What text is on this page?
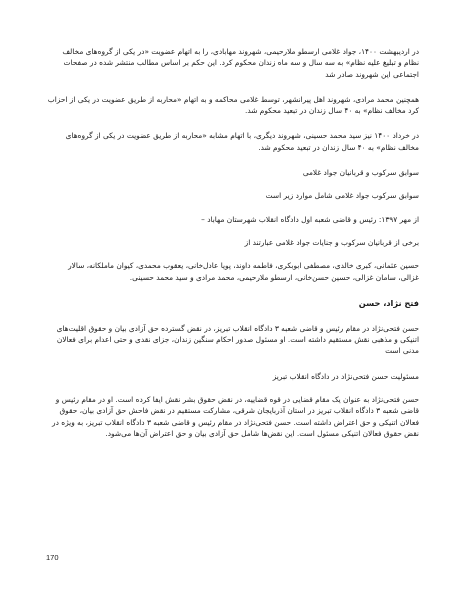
در اردیبهشت ۱۴۰۰، جواد غلامی ارسطو ملارحیمی، شهروند مهابادی، را به اتهام عضویت «در یکی از گروه‌های مخالف نظام و تبلیغ علیه نظام» به سه سال و سه ماه زندان محکوم کرد. این حکم بر اساس مطالب منتشر شده در صفحات اجتماعی این شهروند صادر شد

همچنین محمد مرادی، شهروند اهل پیرانشهر، توسط غلامی محاکمه و به اتهام «محاربه از طریق عضویت در یکی از احزاب کرد مخالف نظام» به ۴۰ سال زندان در تبعید محکوم شد.

در خرداد ۱۴۰۰ نیز سید محمد حسینی، شهروند دیگری، با اتهام مشابه «محاربه از طریق عضویت در یکی از گروه‌های مخالف نظام» به ۴۰ سال زندان در تبعید محکوم شد.

سوابق سرکوب و قربانیان جواد غلامی

سوابق سرکوب جواد غلامی شامل موارد زیر است

از مهر ۱۳۹۷: رئیس و قاضی شعبه اول دادگاه انقلاب شهرستان مهاباد –

برخی از قربانیان سرکوب و جنایات جواد غلامی عبارتند از

حسین عثمانی، کبری خالدی، مصطفی ابوبکری، فاطمه داوند، پویا عادل‌خانی، یعقوب محمدی، کیوان ماملکانه، سالار غزالی، سامان غزالی، حسین حسن‌خانی، ارسطو ملارحیمی، محمد مرادی و سید محمد حسینی.

فتح نژاد، حسن

حسن فتحی‌نژاد در مقام رئیس و قاضی شعبه ۳ دادگاه انقلاب تبریز، در نقض گسترده حق آزادی بیان و حقوق اقلیت‌های اتنیکی و مذهبی نقش مستقیم داشته است. او مسئول صدور احکام سنگین زندان، جزای نقدی و حتی اعدام برای فعالان مدنی است

مسئولیت حسن فتحی‌نژاد در دادگاه انقلاب تبریز

حسن فتحی‌نژاد به عنوان یک مقام قضایی در قوه قضاییه، در نقض حقوق بشر نقش ایفا کرده است. او در مقام رئیس و قاضی شعبه ۳ دادگاه انقلاب تبریز در استان آذربایجان شرقی، مشارکت مستقیم در نقض فاحش حق آزادی بیان، حقوق فعالان اتنیکی و حق اعتراض داشته است. حسن فتحی‌نژاد در مقام رئیس و قاضی شعبه ۳ دادگاه انقلاب تبریز، به ویژه در نقض حقوق فعالان اتنیکی مسئول است. این نقض‌ها شامل حق آزادی بیان و حق اعتراض آن‌ها می‌شود.

170
